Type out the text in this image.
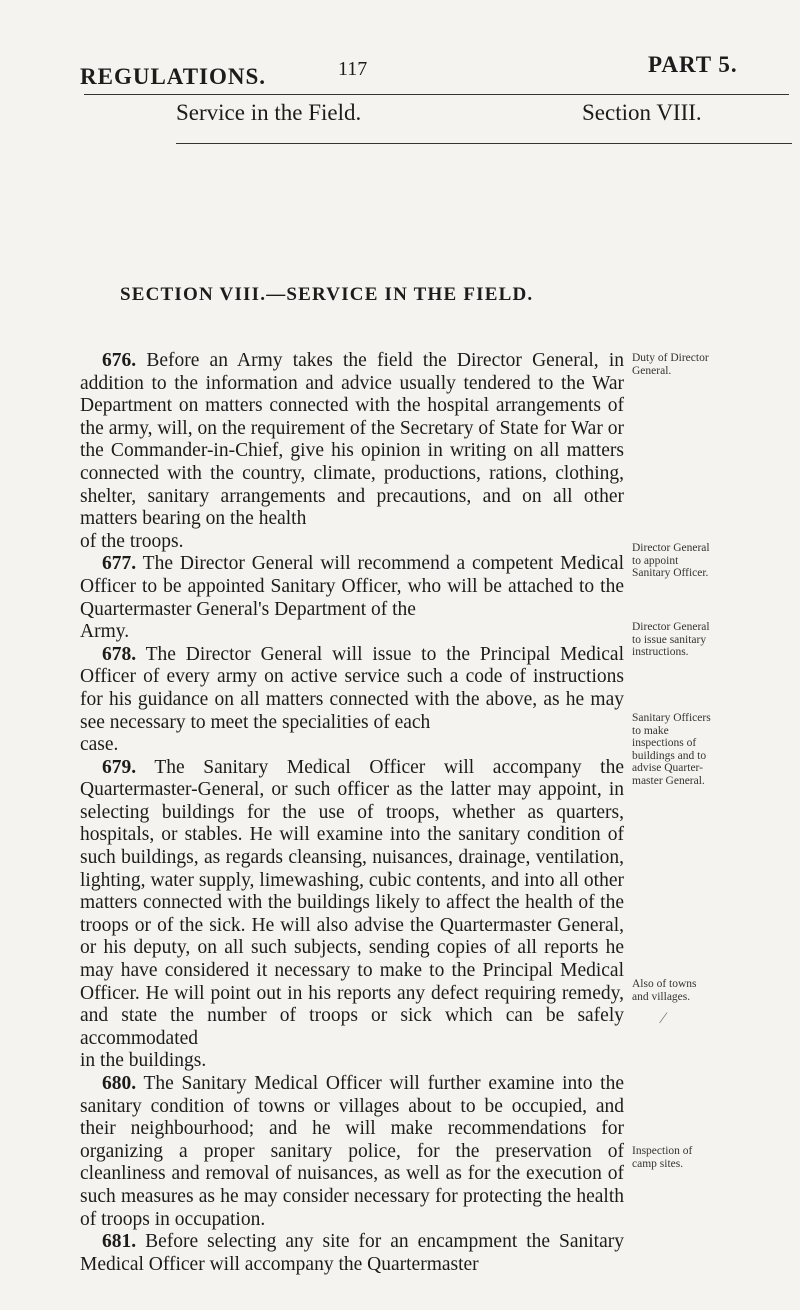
REGULATIONS.	117	PART 5.
Service in the Field.	Section VIII.
SECTION VIII.—SERVICE IN THE FIELD.

676. Before an Army takes the field the Director General, in addition to the information and advice usually tendered to the War Department on matters connected with the hospital arrangements of the army, will, on the requirement of the Secretary of State for War or the Commander-in-Chief, give his opinion in writing on all matters connected with the country, climate, productions, rations, clothing, shelter, sanitary arrangements and precautions, and on all other matters bearing on the health
of the troops.

677. The Director General will recommend a competent Medical Officer to be appointed Sanitary Officer, who will be attached to the Quartermaster General's Department of the
Army.

678. The Director General will issue to the Principal Medical Officer of every army on active service such a code of instructions for his guidance on all matters connected with the above, as he may see necessary to meet the specialities of each
case.

679. The Sanitary Medical Officer will accompany the Quartermaster-General, or such officer as the latter may appoint, in selecting buildings for the use of troops, whether as quarters, hospitals, or stables. He will examine into the sanitary condition of such buildings, as regards cleansing, nuisances, drainage, ventilation, lighting, water supply, limewashing, cubic contents, and into all other matters connected with the buildings likely to affect the health of the troops or of the sick. He will also advise the Quartermaster General, or his deputy, on all such subjects, sending copies of all reports he may have considered it necessary to make to the Principal Medical Officer. He will point out in his reports any defect requiring remedy, and state the number of troops or sick which can be safely accommodated
in the buildings.

680. The Sanitary Medical Officer will further examine into the sanitary condition of towns or villages about to be occupied, and their neighbourhood; and he will make recommendations for organizing a proper sanitary police, for the preservation of cleanliness and removal of nuisances, as well as for the execution of such measures as he may consider necessary for protecting the health of troops in occupation.

681. Before selecting any site for an encampment the Sanitary Medical Officer will accompany the Quartermaster

Duty of Director General.
Director General to appoint Sanitary Officer.
Director General to issue sanitary instructions.
Sanitary Officers to make inspections of buildings and to advise Quarter-master General.
Also of towns and villages.
Inspection of camp sites.
⁄
